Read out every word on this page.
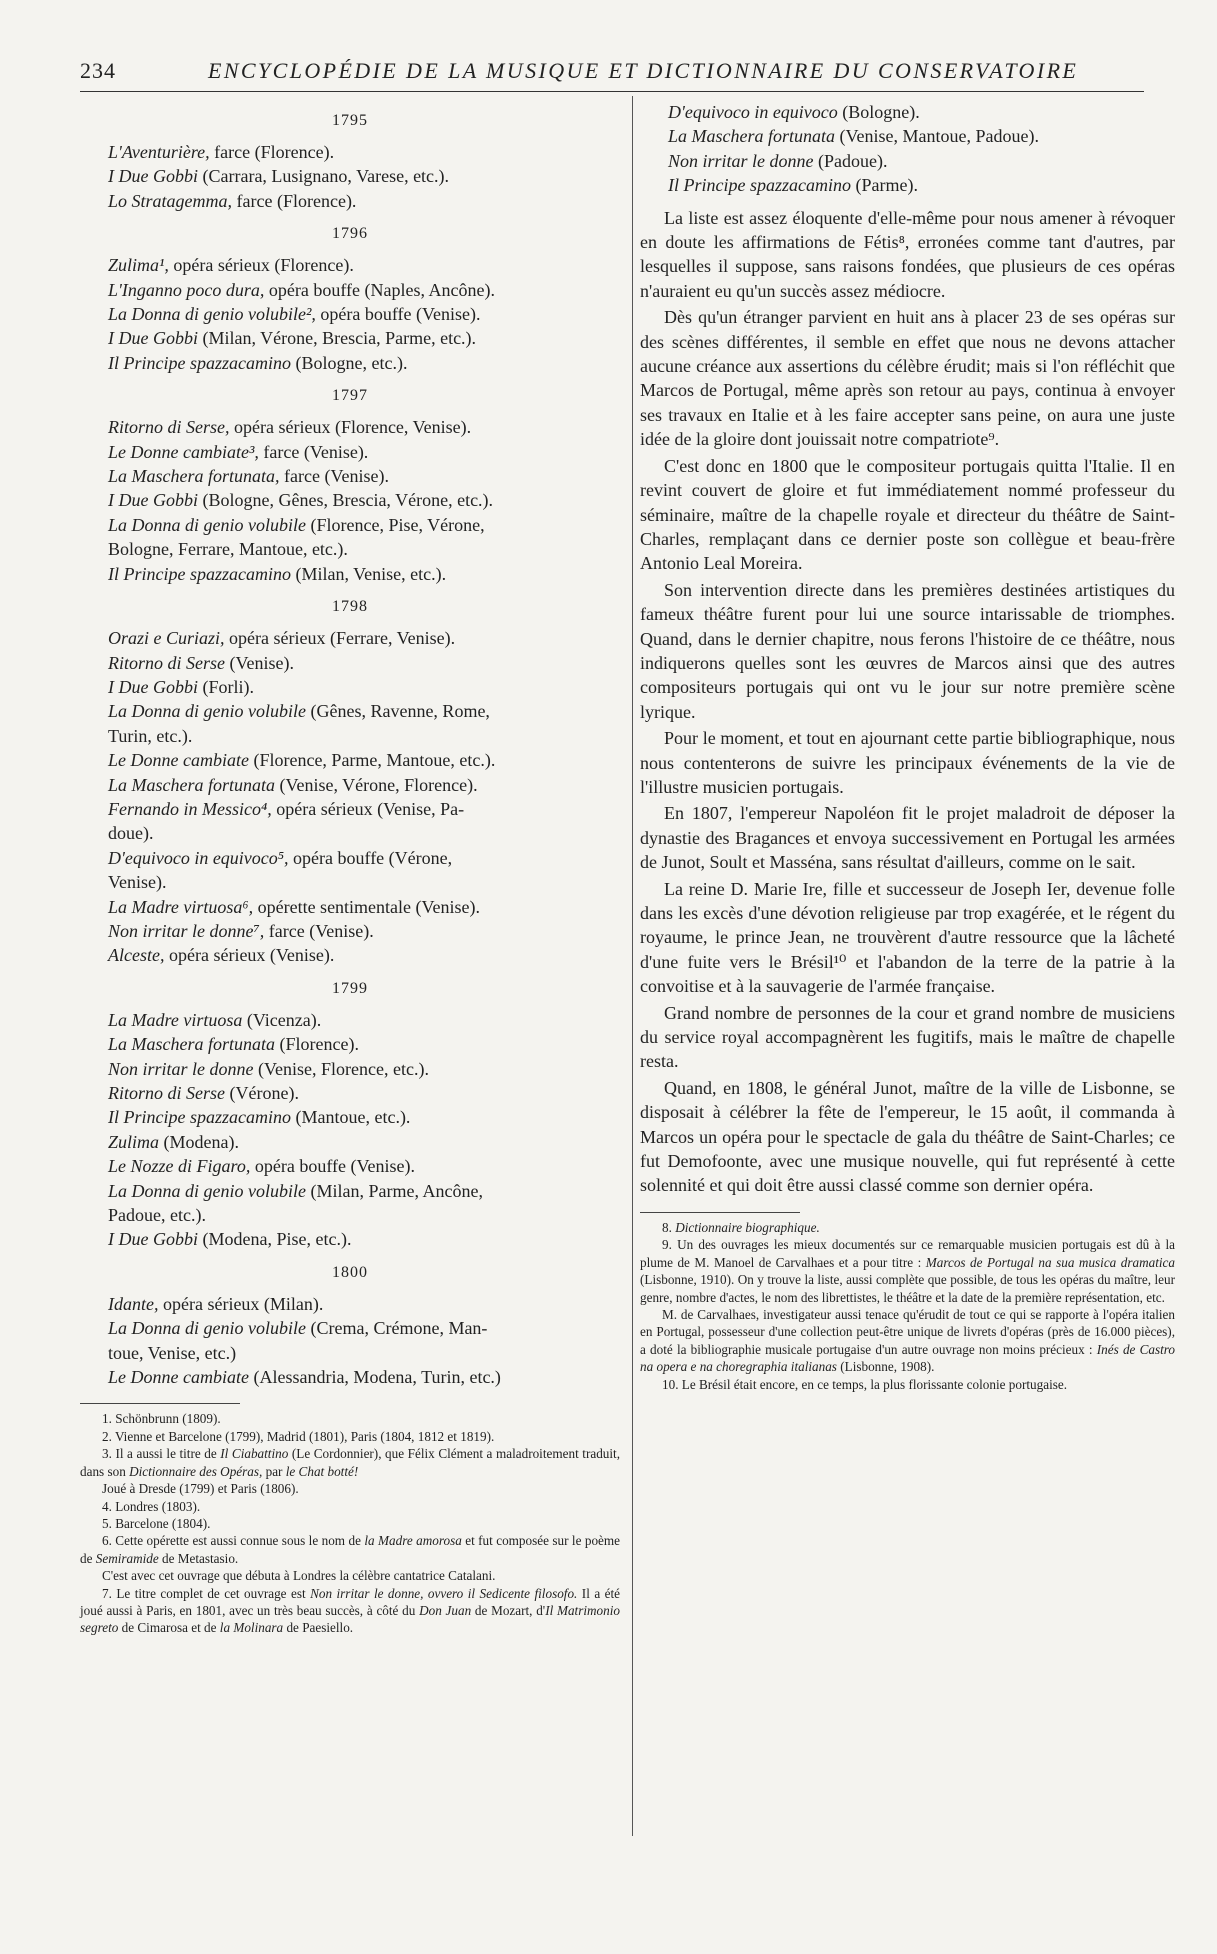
234	ENCYCLOPÉDIE DE LA MUSIQUE ET DICTIONNAIRE DU CONSERVATOIRE
1795
L'Aventurière, farce (Florence).
I Due Gobbi (Carrara, Lusignano, Varese, etc.).
Lo Stratagemma, farce (Florence).
1796
Zulima¹, opéra sérieux (Florence).
L'Inganno poco dura, opéra bouffe (Naples, Ancône).
La Donna di genio volubile², opéra bouffe (Venise).
I Due Gobbi (Milan, Vérone, Brescia, Parme, etc.).
Il Principe spazzacamino (Bologne, etc.).
1797
Ritorno di Serse, opéra sérieux (Florence, Venise).
Le Donne cambiate³, farce (Venise).
La Maschera fortunata, farce (Venise).
I Due Gobbi (Bologne, Gênes, Brescia, Vérone, etc.).
La Donna di genio volubile (Florence, Pise, Vérone,
Bologne, Ferrare, Mantoue, etc.).
Il Principe spazzacamino (Milan, Venise, etc.).
1798
Orazi e Curiazi, opéra sérieux (Ferrare, Venise).
Ritorno di Serse (Venise).
I Due Gobbi (Forli).
La Donna di genio volubile (Gênes, Ravenne, Rome,
Turin, etc.).
Le Donne cambiate (Florence, Parme, Mantoue, etc.).
La Maschera fortunata (Venise, Vérone, Florence).
Fernando in Messico⁴, opéra sérieux (Venise, Pa-
doue).
D'equivoco in equivoco⁵, opéra bouffe (Vérone,
Venise).
La Madre virtuosa⁶, opérette sentimentale (Venise).
Non irritar le donne⁷, farce (Venise).
Alceste, opéra sérieux (Venise).
1799
La Madre virtuosa (Vicenza).
La Maschera fortunata (Florence).
Non irritar le donne (Venise, Florence, etc.).
Ritorno di Serse (Vérone).
Il Principe spazzacamino (Mantoue, etc.).
Zulima (Modena).
Le Nozze di Figaro, opéra bouffe (Venise).
La Donna di genio volubile (Milan, Parme, Ancône,
Padoue, etc.).
I Due Gobbi (Modena, Pise, etc.).
1800
Idante, opéra sérieux (Milan).
La Donna di genio volubile (Crema, Crémone, Man-
toue, Venise, etc.)
Le Donne cambiate (Alessandria, Modena, Turin, etc.)

1. Schönbrunn (1809).

2. Vienne et Barcelone (1799), Madrid (1801), Paris (1804, 1812 et 1819).

3. Il a aussi le titre de Il Ciabattino (Le Cordonnier), que Félix Clément a maladroitement traduit, dans son Dictionnaire des Opéras, par le Chat botté!

Joué à Dresde (1799) et Paris (1806).

4. Londres (1803).

5. Barcelone (1804).

6. Cette opérette est aussi connue sous le nom de la Madre amorosa et fut composée sur le poème de Semiramide de Metastasio.

C'est avec cet ouvrage que débuta à Londres la célèbre cantatrice Catalani.

7. Le titre complet de cet ouvrage est Non irritar le donne, ovvero il Sedicente filosofo. Il a été joué aussi à Paris, en 1801, avec un très beau succès, à côté du Don Juan de Mozart, d'Il Matrimonio segreto de Cimarosa et de la Molinara de Paesiello.

D'equivoco in equivoco (Bologne).
La Maschera fortunata (Venise, Mantoue, Padoue).
Non irritar le donne (Padoue).
Il Principe spazzacamino (Parme).

La liste est assez éloquente d'elle-même pour nous amener à révoquer en doute les affirmations de Fétis⁸, erronées comme tant d'autres, par lesquelles il suppose, sans raisons fondées, que plusieurs de ces opéras n'auraient eu qu'un succès assez médiocre.

Dès qu'un étranger parvient en huit ans à placer 23 de ses opéras sur des scènes différentes, il semble en effet que nous ne devons attacher aucune créance aux assertions du célèbre érudit; mais si l'on réfléchit que Marcos de Portugal, même après son retour au pays, continua à envoyer ses travaux en Italie et à les faire accepter sans peine, on aura une juste idée de la gloire dont jouissait notre compatriote⁹.

C'est donc en 1800 que le compositeur portugais quitta l'Italie. Il en revint couvert de gloire et fut immédiatement nommé professeur du séminaire, maître de la chapelle royale et directeur du théâtre de Saint-Charles, remplaçant dans ce dernier poste son collègue et beau-frère Antonio Leal Moreira.

Son intervention directe dans les premières destinées artistiques du fameux théâtre furent pour lui une source intarissable de triomphes. Quand, dans le dernier chapitre, nous ferons l'histoire de ce théâtre, nous indiquerons quelles sont les œuvres de Marcos ainsi que des autres compositeurs portugais qui ont vu le jour sur notre première scène lyrique.

Pour le moment, et tout en ajournant cette partie bibliographique, nous nous contenterons de suivre les principaux événements de la vie de l'illustre musicien portugais.

En 1807, l'empereur Napoléon fit le projet maladroit de déposer la dynastie des Bragances et envoya successivement en Portugal les armées de Junot, Soult et Masséna, sans résultat d'ailleurs, comme on le sait.

La reine D. Marie Ire, fille et successeur de Joseph Ier, devenue folle dans les excès d'une dévotion religieuse par trop exagérée, et le régent du royaume, le prince Jean, ne trouvèrent d'autre ressource que la lâcheté d'une fuite vers le Brésil¹⁰ et l'abandon de la terre de la patrie à la convoitise et à la sauvagerie de l'armée française.

Grand nombre de personnes de la cour et grand nombre de musiciens du service royal accompagnèrent les fugitifs, mais le maître de chapelle resta.

Quand, en 1808, le général Junot, maître de la ville de Lisbonne, se disposait à célébrer la fête de l'empereur, le 15 août, il commanda à Marcos un opéra pour le spectacle de gala du théâtre de Saint-Charles; ce fut Demofoonte, avec une musique nouvelle, qui fut représenté à cette solennité et qui doit être aussi classé comme son dernier opéra.

8. Dictionnaire biographique.

9. Un des ouvrages les mieux documentés sur ce remarquable musicien portugais est dû à la plume de M. Manoel de Carvalhaes et a pour titre : Marcos de Portugal na sua musica dramatica (Lisbonne, 1910). On y trouve la liste, aussi complète que possible, de tous les opéras du maître, leur genre, nombre d'actes, le nom des librettistes, le théâtre et la date de la première représentation, etc.

M. de Carvalhaes, investigateur aussi tenace qu'érudit de tout ce qui se rapporte à l'opéra italien en Portugal, possesseur d'une collection peut-être unique de livrets d'opéras (près de 16.000 pièces), a doté la bibliographie musicale portugaise d'un autre ouvrage non moins précieux : Inés de Castro na opera e na choregraphia italianas (Lisbonne, 1908).

10. Le Brésil était encore, en ce temps, la plus florissante colonie portugaise.
